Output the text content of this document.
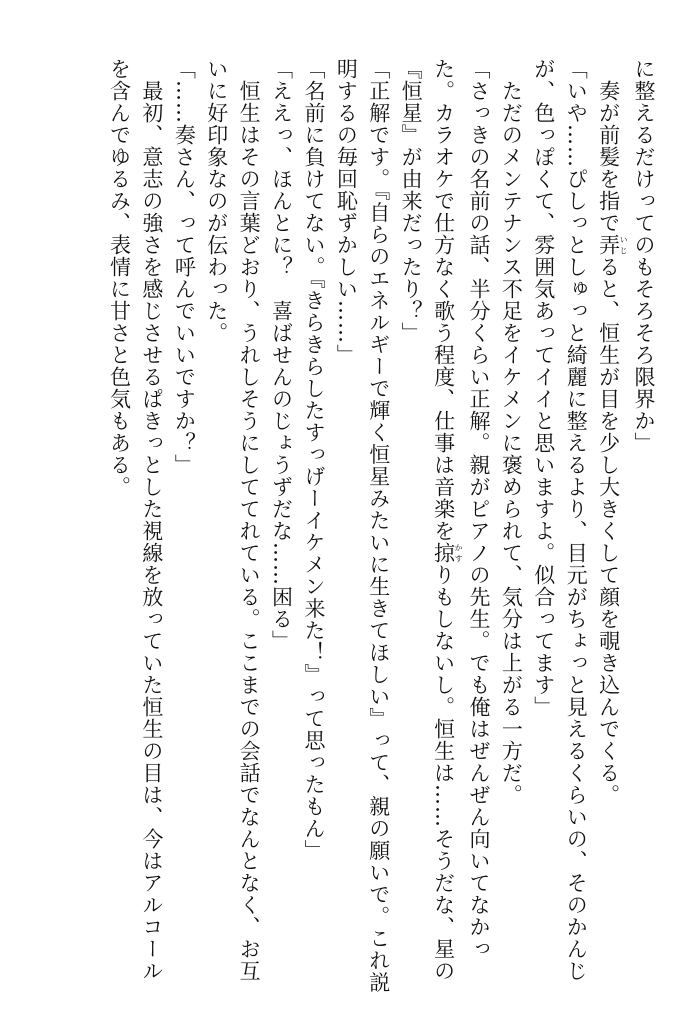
に整えるだけってのもそろそろ限界か」
　奏が前髪を指で弄いじると、恒生が目を少し大きくして顔を覗き込んでくる。
「いや……ぴしっとしゅっと綺麗に整えるより、目元がちょっと見えるくらいの、そのかんじ
が、色っぽくて、雰囲気あってイイと思いますよ。似合ってます」
　ただのメンテナンス不足をイケメンに褒められて、気分は上がる一方だ。
「さっきの名前の話、半分くらい正解。親がピアノの先生。でも俺はぜんぜん向いてなかっ
た。カラオケで仕方なく歌う程度、仕事は音楽を掠かすりもしないし。恒生は……そうだな、星の
『恒星』が由来だったり？」
「正解です。『自らのエネルギーで輝く恒星みたいに生きてほしい』って、親の願いで。これ説
明するの毎回恥ずかしい……」
「名前に負けてない。『きらきらしたすっげーイケメン来た！』って思ったもん」
「ええっ、ほんとに？　喜ばせんのじょうずだな……困る」
　恒生はその言葉どおり、うれしそうにしててれている。ここまでの会話でなんとなく、お互
いに好印象なのが伝わった。
「……奏さん、って呼んでいいですか？」
　最初、意志の強さを感じさせるぱきっとした視線を放っていた恒生の目は、今はアルコール
を含んでゆるみ、表情に甘さと色気もある。
